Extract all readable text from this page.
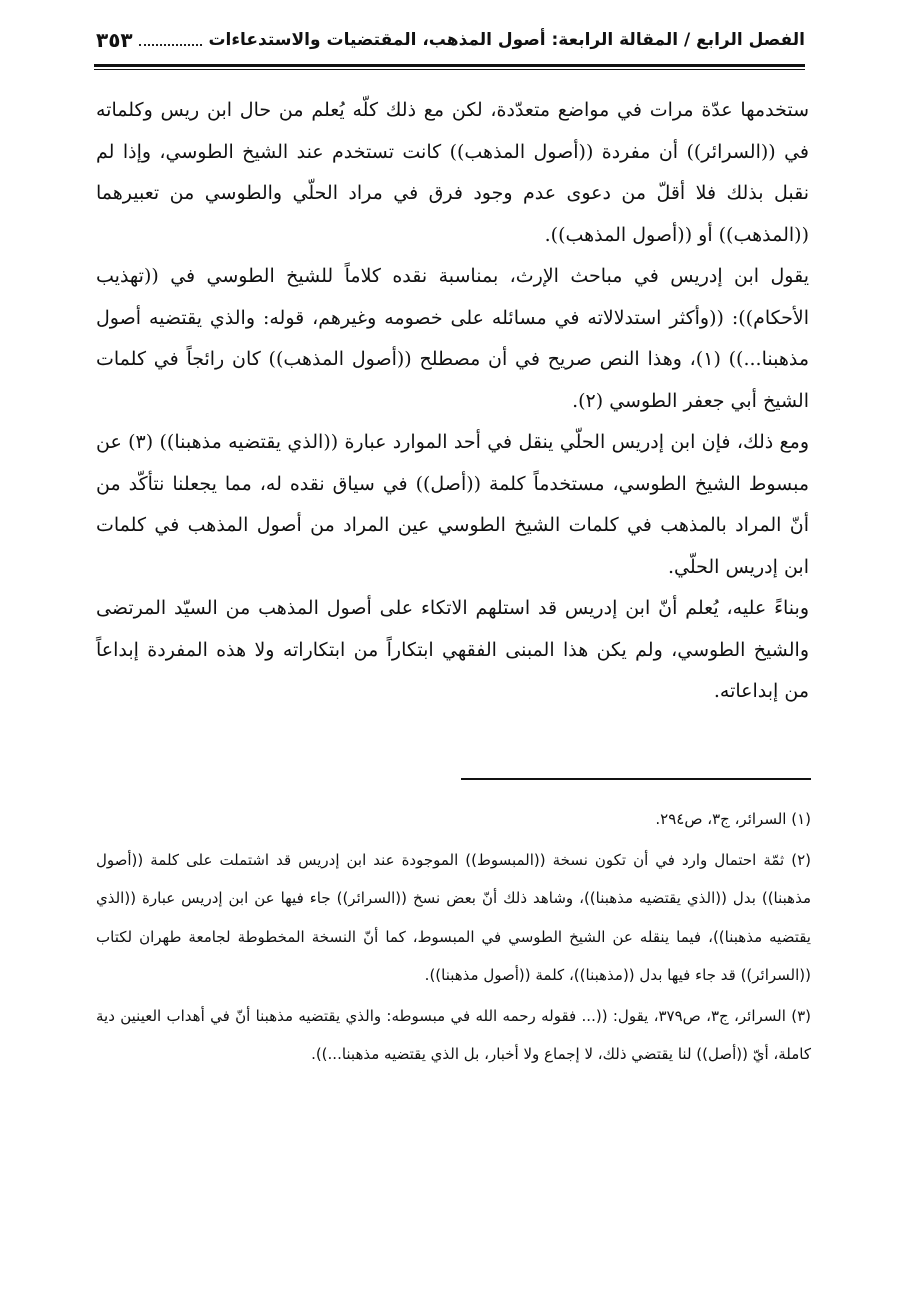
الفصل الرابع / المقالة الرابعة: أصول المذهب، المقتضيات والاستدعاءات
٣٥٣

ستخدمها عدّة مرات في مواضع متعدّدة، لكن مع ذلك كلّه يُعلم من حال ابن ريس وكلماته في ((السرائر)) أن مفردة ((أصول المذهب)) كانت تستخدم عند الشيخ الطوسي، وإذا لم نقبل بذلك فلا أقلّ من دعوى عدم وجود فرق في مراد الحلّي والطوسي من تعبيرهما ((المذهب)) أو ((أصول المذهب)).

يقول ابن إدريس في مباحث الإرث، بمناسبة نقده كلاماً للشيخ الطوسي في ((تهذيب الأحكام)): ((وأكثر استدلالاته في مسائله على خصومه وغيرهم، قوله: والذي يقتضيه أصول مذهبنا...)) (١)، وهذا النص صريح في أن مصطلح ((أصول المذهب)) كان رائجاً في كلمات الشيخ أبي جعفر الطوسي (٢).

ومع ذلك، فإن ابن إدريس الحلّي ينقل في أحد الموارد عبارة ((الذي يقتضيه مذهبنا)) (٣) عن مبسوط الشيخ الطوسي، مستخدماً كلمة ((أصل)) في سياق نقده له، مما يجعلنا نتأكّد من أنّ المراد بالمذهب في كلمات الشيخ الطوسي عين المراد من أصول المذهب في كلمات ابن إدريس الحلّي.

وبناءً عليه، يُعلم أنّ ابن إدريس قد استلهم الاتكاء على أصول المذهب من السيّد المرتضى والشيخ الطوسي، ولم يكن هذا المبنى الفقهي ابتكاراً من ابتكاراته ولا هذه المفردة إبداعاً من إبداعاته.

(١) السرائر، ج٣، ص٢٩٤.

(٢) ثمّة احتمال وارد في أن تكون نسخة ((المبسوط)) الموجودة عند ابن إدريس قد اشتملت على كلمة ((أصول مذهبنا)) بدل ((الذي يقتضيه مذهبنا))، وشاهد ذلك أنّ بعض نسخ ((السرائر)) جاء فيها عن ابن إدريس عبارة ((الذي يقتضيه مذهبنا))، فيما ينقله عن الشيخ الطوسي في المبسوط، كما أنّ النسخة المخطوطة لجامعة طهران لكتاب ((السرائر)) قد جاء فيها بدل ((مذهبنا))، كلمة ((أصول مذهبنا)).

(٣) السرائر، ج٣، ص٣٧٩، يقول: ((... فقوله رحمه الله في مبسوطه: والذي يقتضيه مذهبنا أنّ في أهداب العينين دية كاملة، أيّ ((أصل)) لنا يقتضي ذلك، لا إجماع ولا أخبار، بل الذي يقتضيه مذهبنا...)).
